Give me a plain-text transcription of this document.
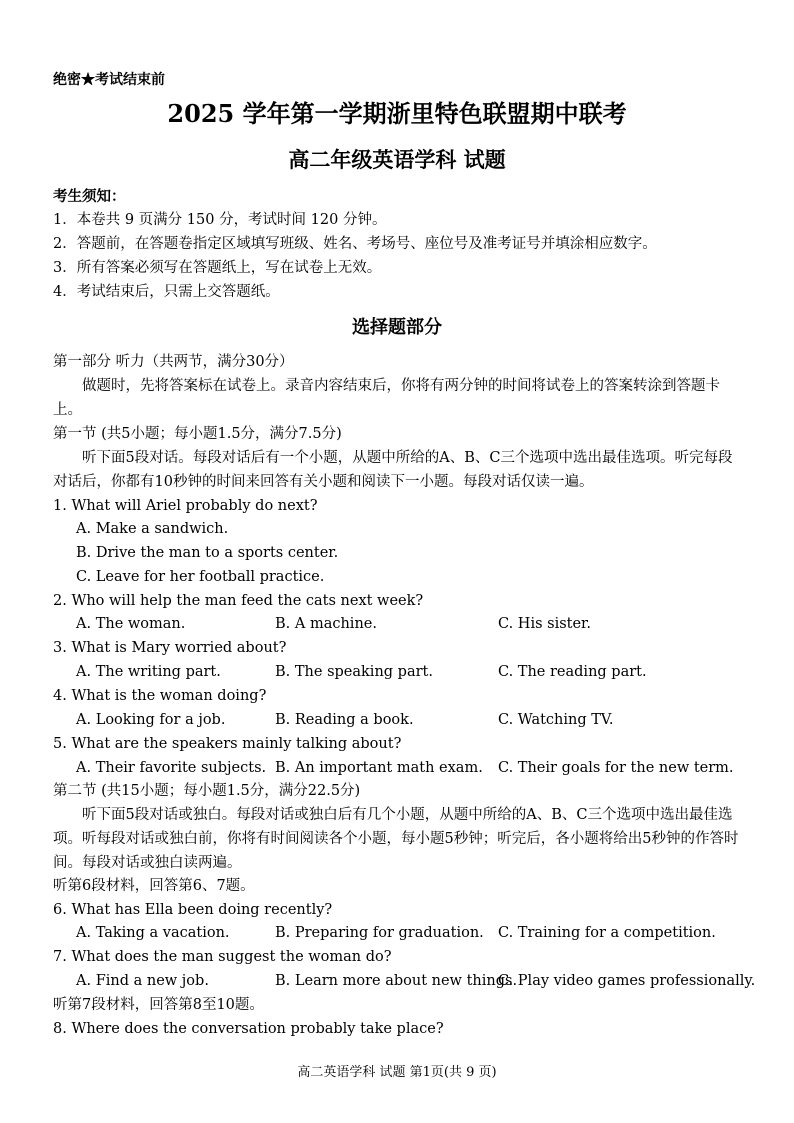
绝密★考试结束前
2025 学年第一学期浙里特色联盟期中联考
高二年级英语学科 试题
考生须知：
1．本卷共 9 页满分 150 分，考试时间 120 分钟。
2．答题前，在答题卷指定区域填写班级、姓名、考场号、座位号及准考证号并填涂相应数字。
3．所有答案必须写在答题纸上，写在试卷上无效。
4．考试结束后，只需上交答题纸。
选择题部分
第一部分 听力（共两节，满分30分）
做题时，先将答案标在试卷上。录音内容结束后，你将有两分钟的时间将试卷上的答案转涂到答题卡上。
第一节 (共5小题；每小题1.5分，满分7.5分)
听下面5段对话。每段对话后有一个小题，从题中所给的A、B、C三个选项中选出最佳选项。听完每段对话后，你都有10秒钟的时间来回答有关小题和阅读下一小题。每段对话仅读一遍。
1. What will Ariel probably do next?
A. Make a sandwich.
B. Drive the man to a sports center.
C. Leave for her football practice.
2. Who will help the man feed the cats next week?
A. The woman.	B. A machine.	C. His sister.
3. What is Mary worried about?
A. The writing part.	B. The speaking part.	C. The reading part.
4. What is the woman doing?
A. Looking for a job.	B. Reading a book.	C. Watching TV.
5. What are the speakers mainly talking about?
A. Their favorite subjects. B. An important math exam. C. Their goals for the new term.
第二节 (共15小题；每小题1.5分，满分22.5分)
听下面5段对话或独白。每段对话或独白后有几个小题，从题中所给的A、B、C三个选项中选出最佳选项。听每段对话或独白前，你将有时间阅读各个小题，每小题5秒钟；听完后，各小题将给出5秒钟的作答时间。每段对话或独白读两遍。
听第6段材料，回答第6、7题。
6. What has Ella been doing recently?
A. Taking a vacation.	B. Preparing for graduation. C. Training for a competition.
7. What does the man suggest the woman do?
A. Find a new job.	B. Learn more about new things.
C. Play video games professionally.
听第7段材料，回答第8至10题。
8. Where does the conversation probably take place?
高二英语学科 试题 第1页(共 9 页)
